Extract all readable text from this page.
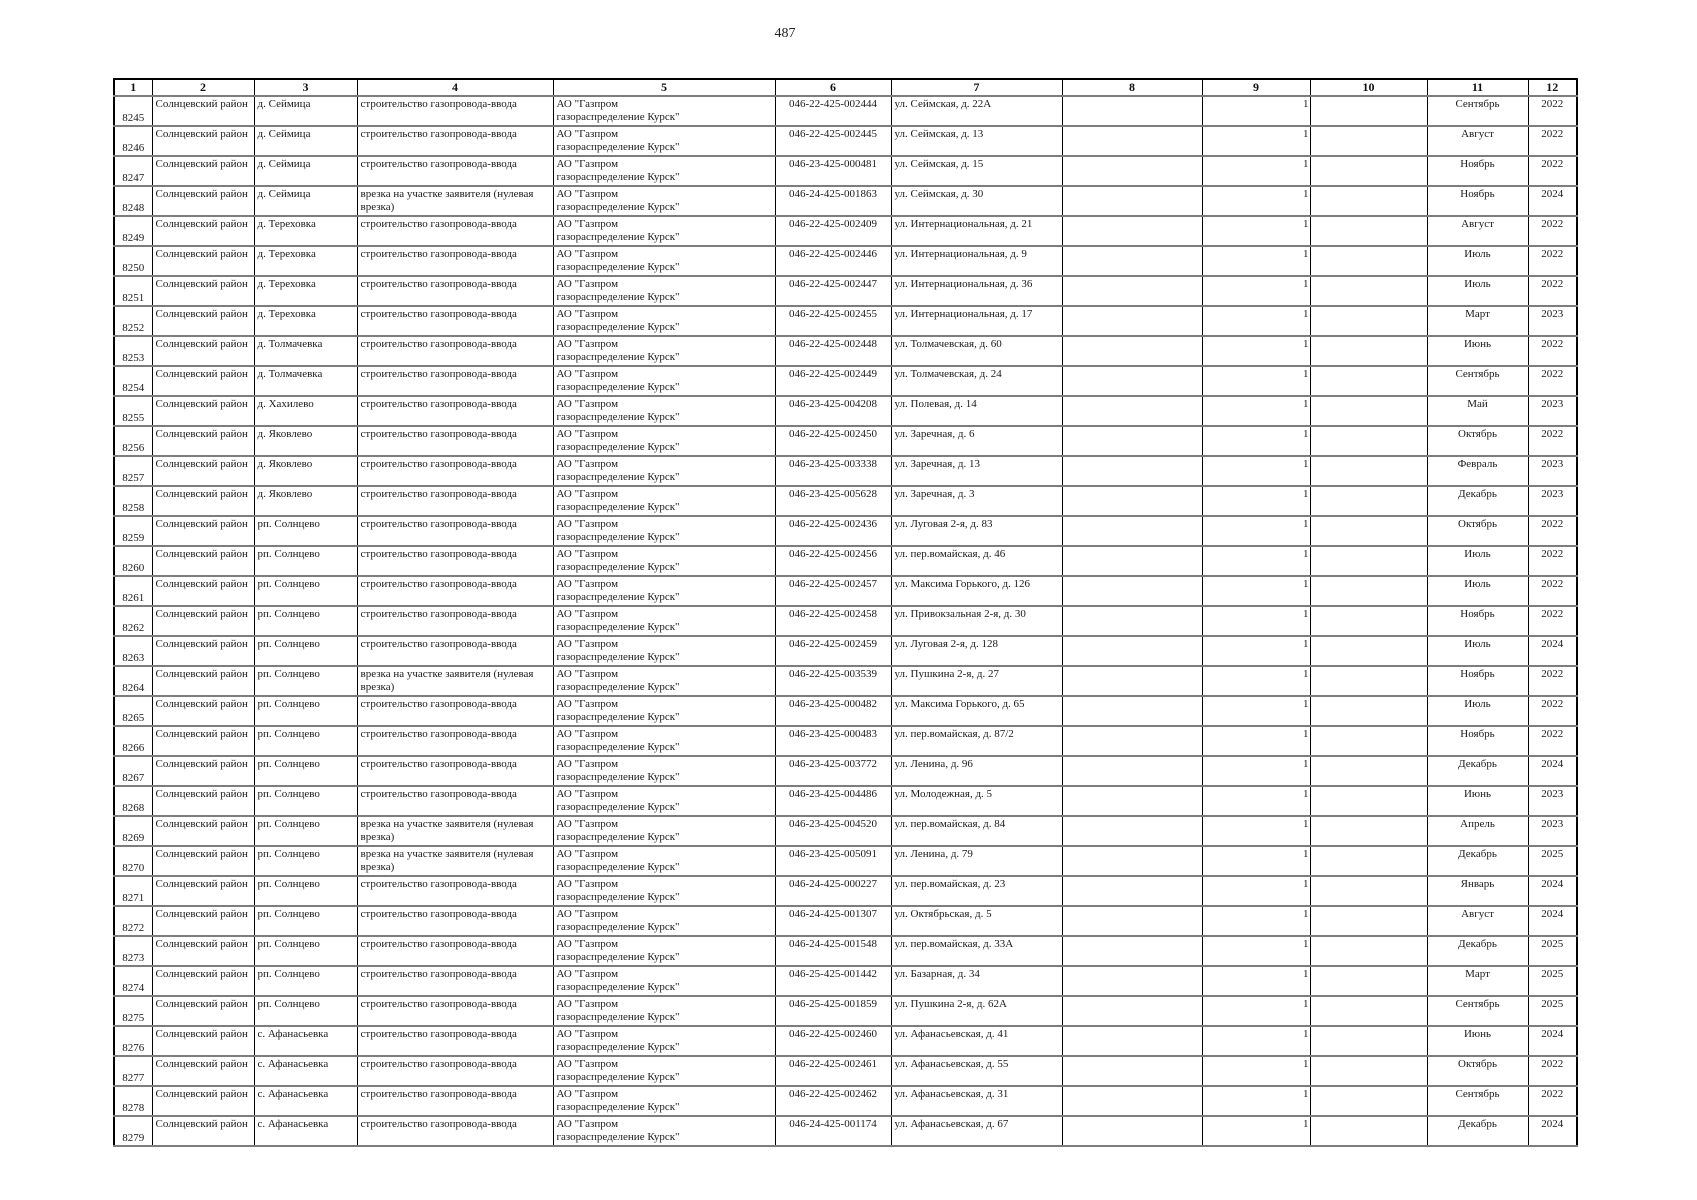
487
1	2	3	4	5	6	7	8	9	10	11	12
8245	Солнцевский район	д. Сеймица	строительство газопровода-ввода	АО "Газпром газораспределение Курск"	046-22-425-002444	ул. Сеймская, д. 22А		1		Сентябрь	2022
8246	Солнцевский район	д. Сеймица	строительство газопровода-ввода	АО "Газпром газораспределение Курск"	046-22-425-002445	ул. Сеймская, д. 13		1		Август	2022
8247	Солнцевский район	д. Сеймица	строительство газопровода-ввода	АО "Газпром газораспределение Курск"	046-23-425-000481	ул. Сеймская, д. 15		1		Ноябрь	2022
8248	Солнцевский район	д. Сеймица	врезка на участке заявителя (нулевая врезка)	АО "Газпром газораспределение Курск"	046-24-425-001863	ул. Сеймская, д. 30		1		Ноябрь	2024
8249	Солнцевский район	д. Тереховка	строительство газопровода-ввода	АО "Газпром газораспределение Курск"	046-22-425-002409	ул. Интернациональная, д. 21		1		Август	2022
8250	Солнцевский район	д. Тереховка	строительство газопровода-ввода	АО "Газпром газораспределение Курск"	046-22-425-002446	ул. Интернациональная, д. 9		1		Июль	2022
8251	Солнцевский район	д. Тереховка	строительство газопровода-ввода	АО "Газпром газораспределение Курск"	046-22-425-002447	ул. Интернациональная, д. 36		1		Июль	2022
8252	Солнцевский район	д. Тереховка	строительство газопровода-ввода	АО "Газпром газораспределение Курск"	046-22-425-002455	ул. Интернациональная, д. 17		1		Март	2023
8253	Солнцевский район	д. Толмачевка	строительство газопровода-ввода	АО "Газпром газораспределение Курск"	046-22-425-002448	ул. Толмачевская, д. 60		1		Июнь	2022
8254	Солнцевский район	д. Толмачевка	строительство газопровода-ввода	АО "Газпром газораспределение Курск"	046-22-425-002449	ул. Толмачевская, д. 24		1		Сентябрь	2022
8255	Солнцевский район	д. Хахилево	строительство газопровода-ввода	АО "Газпром газораспределение Курск"	046-23-425-004208	ул. Полевая, д. 14		1		Май	2023
8256	Солнцевский район	д. Яковлево	строительство газопровода-ввода	АО "Газпром газораспределение Курск"	046-22-425-002450	ул. Заречная, д. 6		1		Октябрь	2022
8257	Солнцевский район	д. Яковлево	строительство газопровода-ввода	АО "Газпром газораспределение Курск"	046-23-425-003338	ул. Заречная, д. 13		1		Февраль	2023
8258	Солнцевский район	д. Яковлево	строительство газопровода-ввода	АО "Газпром газораспределение Курск"	046-23-425-005628	ул. Заречная, д. 3		1		Декабрь	2023
8259	Солнцевский район	рп. Солнцево	строительство газопровода-ввода	АО "Газпром газораспределение Курск"	046-22-425-002436	ул. Луговая 2-я, д. 83		1		Октябрь	2022
8260	Солнцевский район	рп. Солнцево	строительство газопровода-ввода	АО "Газпром газораспределение Курск"	046-22-425-002456	ул. пер.вомайская, д. 46		1		Июль	2022
8261	Солнцевский район	рп. Солнцево	строительство газопровода-ввода	АО "Газпром газораспределение Курск"	046-22-425-002457	ул. Максима Горького, д. 126		1		Июль	2022
8262	Солнцевский район	рп. Солнцево	строительство газопровода-ввода	АО "Газпром газораспределение Курск"	046-22-425-002458	ул. Привокзальная 2-я, д. 30		1		Ноябрь	2022
8263	Солнцевский район	рп. Солнцево	строительство газопровода-ввода	АО "Газпром газораспределение Курск"	046-22-425-002459	ул. Луговая 2-я, д. 128		1		Июль	2024
8264	Солнцевский район	рп. Солнцево	врезка на участке заявителя (нулевая врезка)	АО "Газпром газораспределение Курск"	046-22-425-003539	ул. Пушкина 2-я, д. 27		1		Ноябрь	2022
8265	Солнцевский район	рп. Солнцево	строительство газопровода-ввода	АО "Газпром газораспределение Курск"	046-23-425-000482	ул. Максима Горького, д. 65		1		Июль	2022
8266	Солнцевский район	рп. Солнцево	строительство газопровода-ввода	АО "Газпром газораспределение Курск"	046-23-425-000483	ул. пер.вомайская, д. 87/2		1		Ноябрь	2022
8267	Солнцевский район	рп. Солнцево	строительство газопровода-ввода	АО "Газпром газораспределение Курск"	046-23-425-003772	ул. Ленина, д. 96		1		Декабрь	2024
8268	Солнцевский район	рп. Солнцево	строительство газопровода-ввода	АО "Газпром газораспределение Курск"	046-23-425-004486	ул. Молодежная, д. 5		1		Июнь	2023
8269	Солнцевский район	рп. Солнцево	врезка на участке заявителя (нулевая врезка)	АО "Газпром газораспределение Курск"	046-23-425-004520	ул. пер.вомайская, д. 84		1		Апрель	2023
8270	Солнцевский район	рп. Солнцево	врезка на участке заявителя (нулевая врезка)	АО "Газпром газораспределение Курск"	046-23-425-005091	ул. Ленина, д. 79		1		Декабрь	2025
8271	Солнцевский район	рп. Солнцево	строительство газопровода-ввода	АО "Газпром газораспределение Курск"	046-24-425-000227	ул. пер.вомайская, д. 23		1		Январь	2024
8272	Солнцевский район	рп. Солнцево	строительство газопровода-ввода	АО "Газпром газораспределение Курск"	046-24-425-001307	ул. Октябрьская, д. 5		1		Август	2024
8273	Солнцевский район	рп. Солнцево	строительство газопровода-ввода	АО "Газпром газораспределение Курск"	046-24-425-001548	ул. пер.вомайская, д. 33А		1		Декабрь	2025
8274	Солнцевский район	рп. Солнцево	строительство газопровода-ввода	АО "Газпром газораспределение Курск"	046-25-425-001442	ул. Базарная, д. 34		1		Март	2025
8275	Солнцевский район	рп. Солнцево	строительство газопровода-ввода	АО "Газпром газораспределение Курск"	046-25-425-001859	ул. Пушкина 2-я, д. 62А		1		Сентябрь	2025
8276	Солнцевский район	с. Афанасьевка	строительство газопровода-ввода	АО "Газпром газораспределение Курск"	046-22-425-002460	ул. Афанасьевская, д. 41		1		Июнь	2024
8277	Солнцевский район	с. Афанасьевка	строительство газопровода-ввода	АО "Газпром газораспределение Курск"	046-22-425-002461	ул. Афанасьевская, д. 55		1		Октябрь	2022
8278	Солнцевский район	с. Афанасьевка	строительство газопровода-ввода	АО "Газпром газораспределение Курск"	046-22-425-002462	ул. Афанасьевская, д. 31		1		Сентябрь	2022
8279	Солнцевский район	с. Афанасьевка	строительство газопровода-ввода	АО "Газпром газораспределение Курск"	046-24-425-001174	ул. Афанасьевская, д. 67		1		Декабрь	2024
